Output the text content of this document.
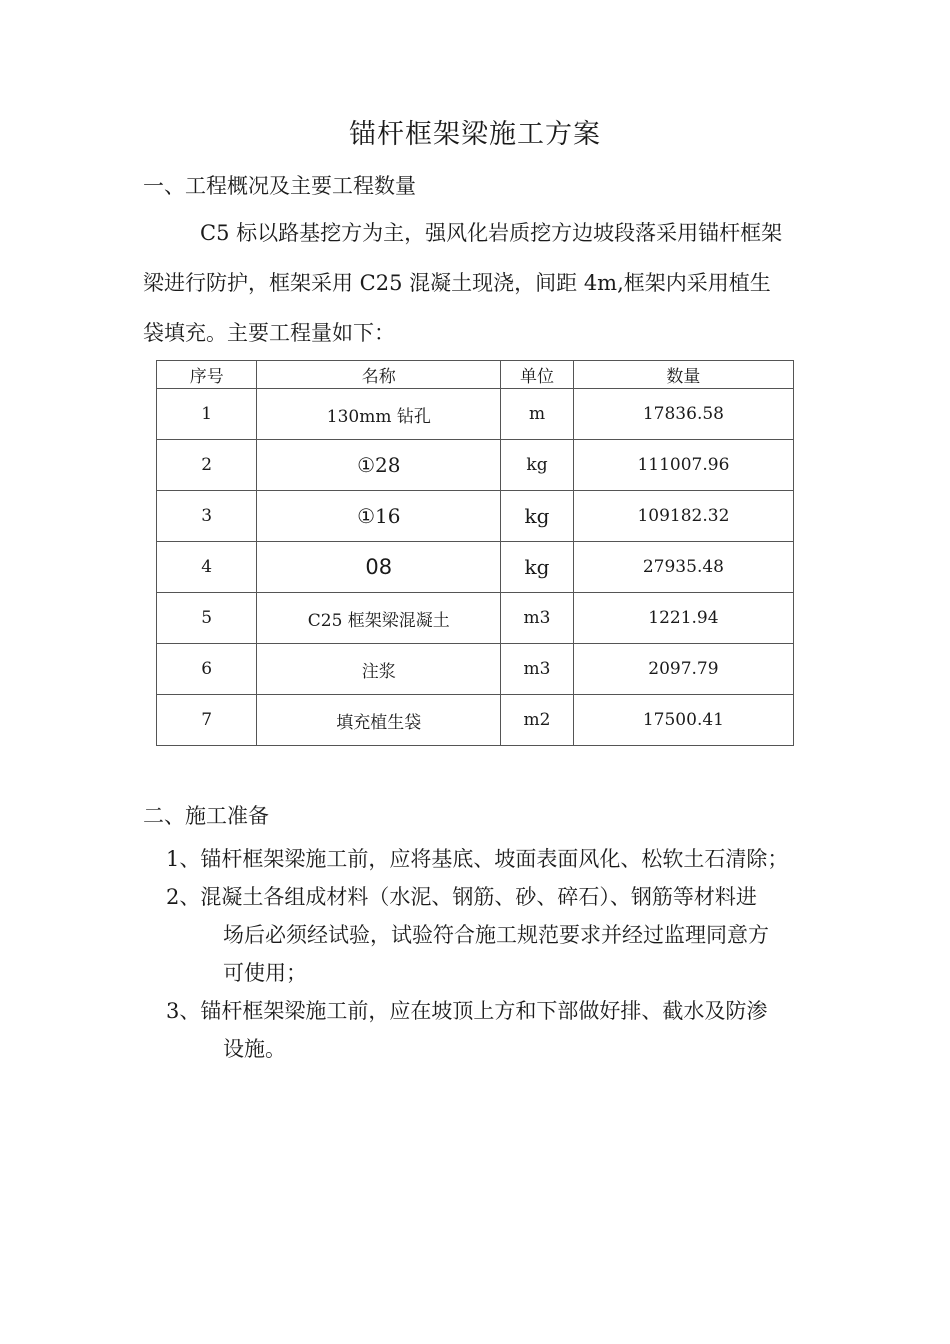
锚杆框架梁施工方案
一、工程概况及主要工程数量
C5 标以路基挖方为主，强风化岩质挖方边坡段落采用锚杆框架
梁进行防护，框架采用 C25 混凝土现浇，间距 4m,框架内采用植生
袋填充。主要工程量如下：
序号	名称	单位	数量
1	130mm 钻孔	m	17836.58
2	①28	kg	111007.96
3	①16	kg	109182.32
4	08	kg	27935.48
5	C25 框架梁混凝土	m3	1221.94
6	注浆	m3	2097.79
7	填充植生袋	m2	17500.41
二、施工准备
1、锚杆框架梁施工前，应将基底、坡面表面风化、松软土石清除；
2、混凝土各组成材料（水泥、钢筋、砂、碎石）、钢筋等材料进
场后必须经试验，试验符合施工规范要求并经过监理同意方
可使用；
3、锚杆框架梁施工前，应在坡顶上方和下部做好排、截水及防渗
设施。
